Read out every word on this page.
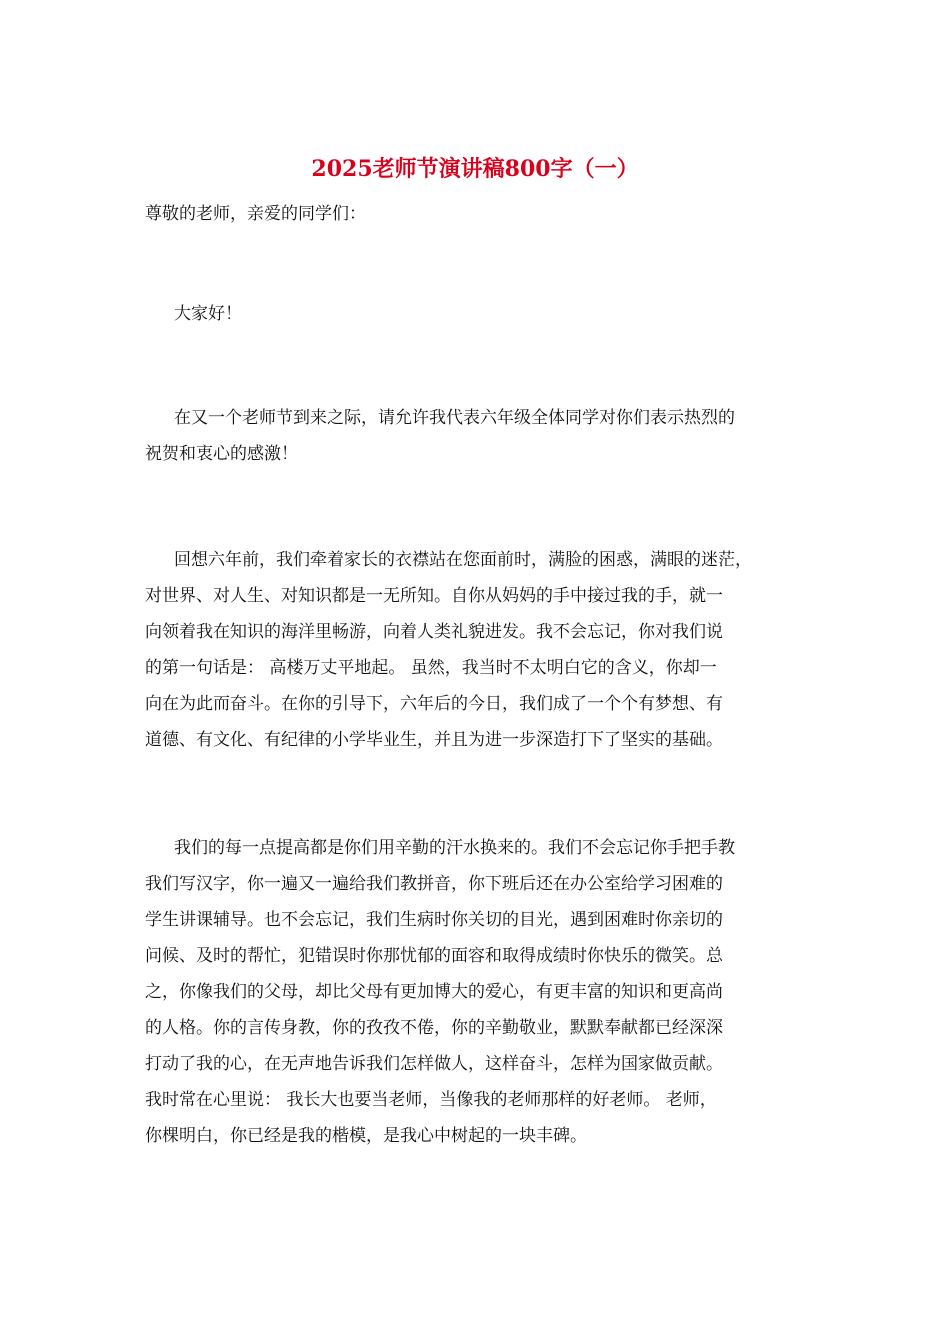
2025老师节演讲稿800字（一）

尊敬的老师，亲爱的同学们：

大家好！

在又一个老师节到来之际，请允许我代表六年级全体同学对你们表示热烈的
祝贺和衷心的感激！

回想六年前，我们牵着家长的衣襟站在您面前时，满脸的困惑，满眼的迷茫，
对世界、对人生、对知识都是一无所知。自你从妈妈的手中接过我的手，就一
向领着我在知识的海洋里畅游，向着人类礼貌进发。我不会忘记，你对我们说
的第一句话是： 高楼万丈平地起。 虽然，我当时不太明白它的含义，你却一
向在为此而奋斗。在你的引导下，六年后的今日，我们成了一个个有梦想、有
道德、有文化、有纪律的小学毕业生，并且为进一步深造打下了坚实的基础。

我们的每一点提高都是你们用辛勤的汗水换来的。我们不会忘记你手把手教
我们写汉字，你一遍又一遍给我们教拼音，你下班后还在办公室给学习困难的
学生讲课辅导。也不会忘记，我们生病时你关切的目光，遇到困难时你亲切的
问候、及时的帮忙，犯错误时你那忧郁的面容和取得成绩时你快乐的微笑。总
之，你像我们的父母，却比父母有更加博大的爱心，有更丰富的知识和更高尚
的人格。你的言传身教，你的孜孜不倦，你的辛勤敬业，默默奉献都已经深深
打动了我的心，在无声地告诉我们怎样做人，这样奋斗，怎样为国家做贡献。
我时常在心里说： 我长大也要当老师，当像我的老师那样的好老师。 老师，
你棵明白，你已经是我的楷模，是我心中树起的一块丰碑。
